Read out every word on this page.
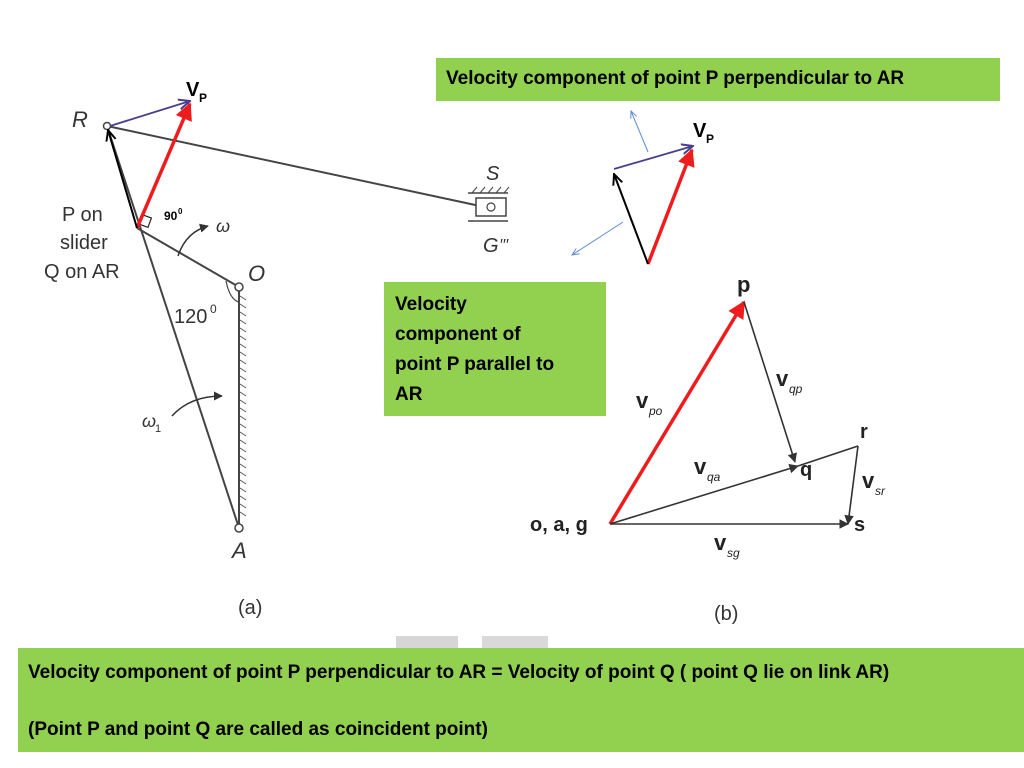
V P
R
P on
slider
Q on AR
90 0
ω
O
120 0
ω
1
A
S
G ′′′
(a)
V P
p
q
r
s
o, a, g
v po
v qp
v qa	v sr
v sg
(b)
Velocity component of point P perpendicular to AR
Velocity
component of
point P parallel to
AR
Velocity component of point P perpendicular to AR = Velocity of point Q ( point Q lie on link AR)
(Point P and point Q are called as coincident point)
